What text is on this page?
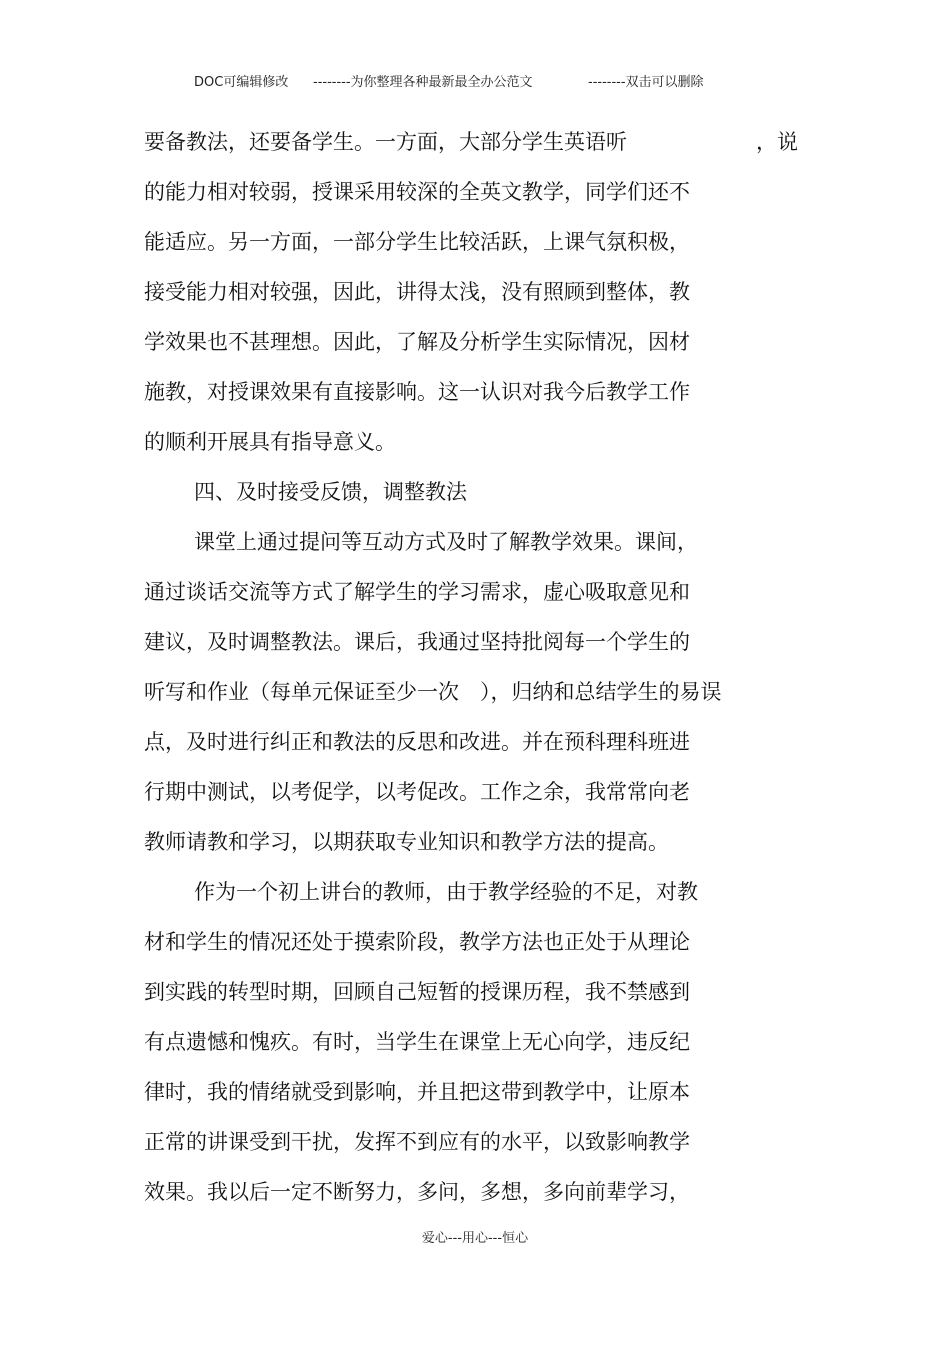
DOC可编辑修改 --------为你整理各种最新最全办公范文	--------双击可以删除
要备教法，还要备学生。一方面，大部分学生英语听	，说
的能力相对较弱，授课采用较深的全英文教学，同学们还不
能适应。另一方面，一部分学生比较活跃，上课气氛积极，
接受能力相对较强，因此，讲得太浅，没有照顾到整体，教
学效果也不甚理想。因此，了解及分析学生实际情况，因材
施教，对授课效果有直接影响。这一认识对我今后教学工作
的顺利开展具有指导意义。
四、及时接受反馈，调整教法
课堂上通过提问等互动方式及时了解教学效果。课间，
通过谈话交流等方式了解学生的学习需求，虚心吸取意见和
建议，及时调整教法。课后，我通过坚持批阅每一个学生的
听写和作业（每单元保证至少一次　），归纳和总结学生的易误
点，及时进行纠正和教法的反思和改进。并在预科理科班进
行期中测试，以考促学，以考促改。工作之余，我常常向老
教师请教和学习，以期获取专业知识和教学方法的提高。
作为一个初上讲台的教师，由于教学经验的不足，对教
材和学生的情况还处于摸索阶段，教学方法也正处于从理论
到实践的转型时期，回顾自己短暂的授课历程，我不禁感到
有点遗憾和愧疚。有时，当学生在课堂上无心向学，违反纪
律时，我的情绪就受到影响，并且把这带到教学中，让原本
正常的讲课受到干扰，发挥不到应有的水平，以致影响教学
效果。我以后一定不断努力，多问，多想，多向前辈学习，
爱心---用心---恒心
